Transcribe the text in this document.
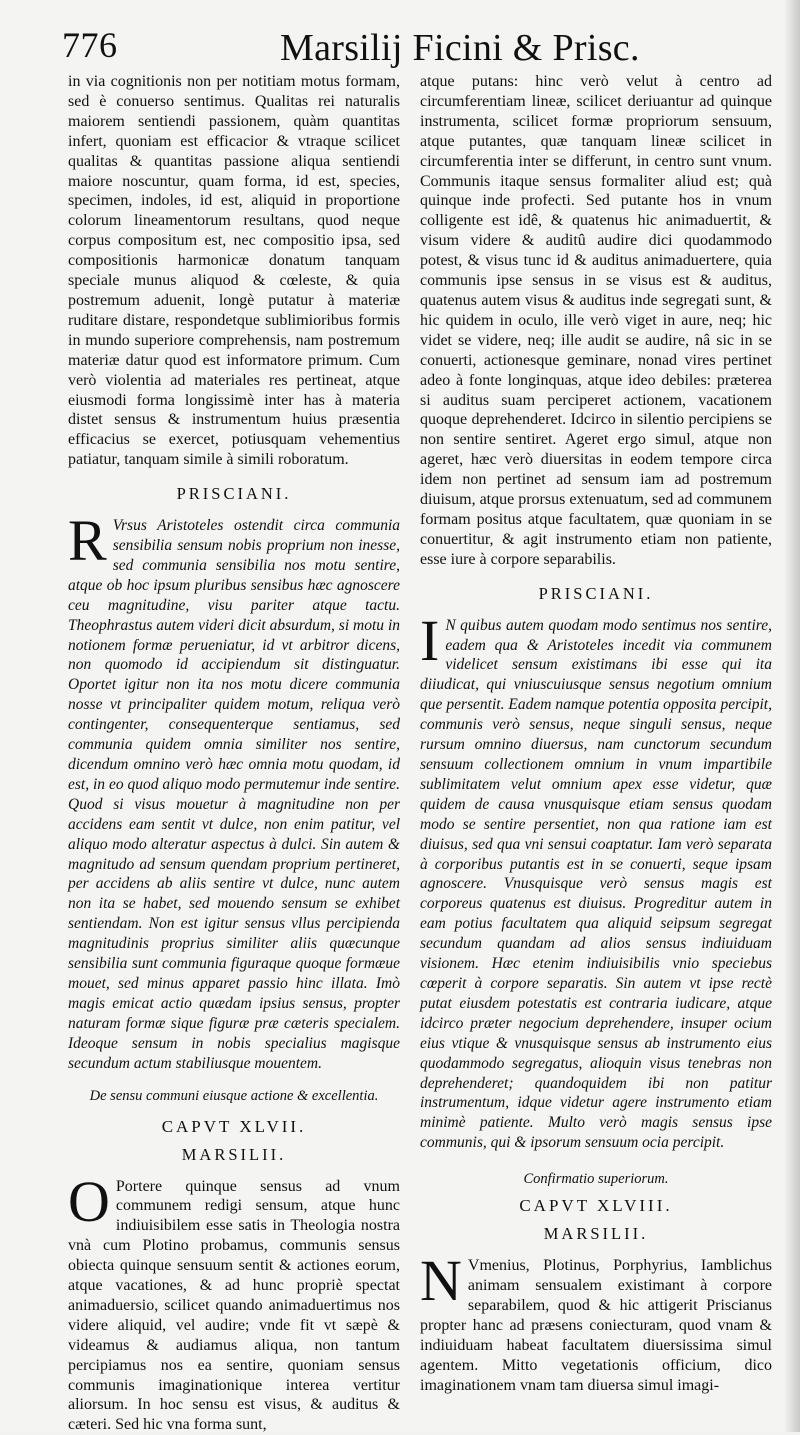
776	Marsilij Ficini & Prisc.

in via cognitionis non per notitiam motus formam, sed è conuerso sentimus. Qualitas rei naturalis maiorem sentiendi passionem, quàm quantitas infert, quoniam est efficacior & vtraque scilicet qualitas & quantitas passione aliqua sentiendi maiore noscuntur, quam forma, id est, species, specimen, indoles, id est, aliquid in proportione colorum lineamentorum resultans, quod neque corpus compositum est, nec compositio ipsa, sed compositionis harmonicæ donatum tanquam speciale munus aliquod & cœleste, & quia postremum aduenit, longè putatur à materiæ ruditare distare, respondetque sublimioribus formis in mundo superiore comprehensis, nam postremum materiæ datur quod est informatore primum. Cum verò violentia ad materiales res pertineat, atque eiusmodi forma longissimè inter has à materia distet sensus & instrumentum huius præsentia efficacius se exercet, potiusquam vehementius patiatur, tanquam simile à simili roboratum.

PRISCIANI.

R Vrsus Aristoteles ostendit circa communia sensibilia sensum nobis proprium non inesse, sed communia sensibilia nos motu sentire, atque ob hoc ipsum pluribus sensibus hæc agnoscere ceu magnitudine, visu pariter atque tactu. Theophrastus autem videri dicit absurdum, si motu in notionem formæ perueniatur, id vt arbitror dicens, non quomodo id accipiendum sit distinguatur. Oportet igitur non ita nos motu dicere communia nosse vt principaliter quidem motum, reliqua verò contingenter, consequenterque sentiamus, sed communia quidem omnia similiter nos sentire, dicendum omnino verò hæc omnia motu quodam, id est, in eo quod aliquo modo permutemur inde sentire. Quod si visus mouetur à magnitudine non per accidens eam sentit vt dulce, non enim patitur, vel aliquo modo alteratur aspectus à dulci. Sin autem & magnitudo ad sensum quendam proprium pertineret, per accidens ab aliis sentire vt dulce, nunc autem non ita se habet, sed mouendo sensum se exhibet sentiendam. Non est igitur sensus vllus percipienda magnitudinis proprius similiter aliis quæcunque sensibilia sunt communia figuraque quoque formæue mouet, sed minus apparet passio hinc illata. Imò magis emicat actio quædam ipsius sensus, propter naturam formæ sique figuræ præ cæteris specialem. Ideoque sensum in nobis specialius magisque secundum actum stabiliusque mouentem.

De sensu communi eiusque actione & excellentia.

CAPVT XLVII.

MARSILII.

O Portere quinque sensus ad vnum communem redigi sensum, atque hunc indiuisibilem esse satis in Theologia nostra vnà cum Plotino probamus, communis sensus obiecta quinque sensuum sentit & actiones eorum, atque vacationes, & ad hunc propriè spectat animaduersio, scilicet quando animaduertimus nos videre aliquid, vel audire; vnde fit vt sæpè & videamus & audiamus aliqua, non tantum percipiamus nos ea sentire, quoniam sensus communis imaginationique interea vertitur aliorsum. In hoc sensu est visus, & auditus & cæteri. Sed hic vna forma sunt,

atque putans: hinc verò velut à centro ad circumferentiam lineæ, scilicet deriuantur ad quinque instrumenta, scilicet formæ propriorum sensuum, atque putantes, quæ tanquam lineæ scilicet in circumferentia inter se differunt, in centro sunt vnum. Communis itaque sensus formaliter aliud est; quà quinque inde profecti. Sed putante hos in vnum colligente est idê, & quatenus hic animaduertit, & visum videre & auditû audire dici quodammodo potest, & visus tunc id & auditus animaduertere, quia communis ipse sensus in se visus est & auditus, quatenus autem visus & auditus inde segregati sunt, & hic quidem in oculo, ille verò viget in aure, neq; hic videt se videre, neq; ille audit se audire, nâ sic in se conuerti, actionesque geminare, nonad vires pertinet adeo à fonte longinquas, atque ideo debiles: præterea si auditus suam perciperet actionem, vacationem quoque deprehenderet. Idcirco in silentio percipiens se non sentire sentiret. Ageret ergo simul, atque non ageret, hæc verò diuersitas in eodem tempore circa idem non pertinet ad sensum iam ad postremum diuisum, atque prorsus extenuatum, sed ad communem formam positus atque facultatem, quæ quoniam in se conuertitur, & agit instrumento etiam non patiente, esse iure à corpore separabilis.

PRISCIANI.

I N quibus autem quodam modo sentimus nos sentire, eadem qua & Aristoteles incedit via communem videlicet sensum existimans ibi esse qui ita diiudicat, qui vniuscuiusque sensus negotium omnium que persentit. Eadem namque potentia opposita percipit, communis verò sensus, neque singuli sensus, neque rursum omnino diuersus, nam cunctorum secundum sensuum collectionem omnium in vnum impartibile sublimitatem velut omnium apex esse videtur, quæ quidem de causa vnusquisque etiam sensus quodam modo se sentire persentiet, non qua ratione iam est diuisus, sed qua vni sensui coaptatur. Iam verò separata à corporibus putantis est in se conuerti, seque ipsam agnoscere. Vnusquisque verò sensus magis est corporeus quatenus est diuisus. Progreditur autem in eam potius facultatem qua aliquid seipsum segregat secundum quandam ad alios sensus indiuiduam visionem. Hæc etenim indiuisibilis vnio speciebus cœperit à corpore separatis. Sin autem vt ipse rectè putat eiusdem potestatis est contraria iudicare, atque idcirco præter negocium deprehendere, insuper ocium eius vtique & vnusquisque sensus ab instrumento eius quodammodo segregatus, alioquin visus tenebras non deprehenderet; quandoquidem ibi non patitur instrumentum, idque videtur agere instrumento etiam minimè patiente. Multo verò magis sensus ipse communis, qui & ipsorum sensuum ocia percipit.

Confirmatio superiorum.

CAPVT XLVIII.

MARSILII.

N Vmenius, Plotinus, Porphyrius, Iamblichus animam sensualem existimant à corpore separabilem, quod & hic attigerit Priscianus propter hanc ad præsens coniecturam, quod vnam & indiuiduam habeat facultatem diuersissima simul agentem. Mitto vegetationis officium, dico imaginationem vnam tam diuersa simul imagi-
